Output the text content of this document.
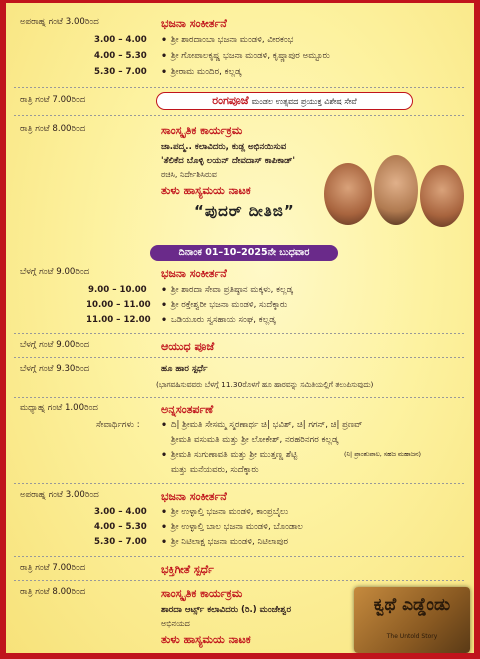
ಅಪರಾಹ್ನ ಗಂಟೆ 3.00ರಿಂದ	ಭಜನಾ ಸಂಕೀರ್ತನೆ
3.00 – 4.00 • ಶ್ರೀ ಶಾರದಾಂಬಾ ಭಜನಾ ಮಂಡಳಿ, ವೀರಕಂಭ
4.00 – 5.30 • ಶ್ರೀ ಗೋಪಾಲಕೃಷ್ಣ ಭಜನಾ ಮಂಡಳಿ, ಕೃಷ್ಣಾಪುರ ಅಮ್ಟೂರು
5.30 – 7.00 • ಶ್ರೀರಾಮ ಮಂದಿರ, ಕಲ್ಲಡ್ಕ
ರಾತ್ರಿ ಗಂಟೆ 7.00ರಿಂದ	ರಂಗಪೂಜೆ ಮಂಡಲ ಉತ್ಸವದ ಪ್ರಯುಕ್ತ ವಿಶೇಷ ಸೇವೆ
ರಾತ್ರಿ ಗಂಟೆ 8.00ರಿಂದ	ಸಾಂಸ್ಕೃತಿಕ ಕಾರ್ಯಕ್ರಮ
ಜಾ.ಪದ್ಮ.. ಕಲಾವಿದರು, ಕುಡ್ಲ ಅಭಿನಯಿಸುವ
'ತೆಲಿಕೆದ ಬೊಳ್ಳಿ ಲಯನ್ ದೇವದಾಸ್ ಕಾಪಿಕಾಡ್'
ರಚಿಸಿ, ನಿರ್ದೇಶಿಸಿರುವ
ತುಳು ಹಾಸ್ಯಮಯ ನಾಟಕ
“ಪುದರ್ ದೀತಿಜಿ”
ದಿನಾಂಕ 01–10–2025ನೇ ಬುಧವಾರ
ಬೆಳಗ್ಗೆ ಗಂಟೆ 9.00ರಿಂದ	ಭಜನಾ ಸಂಕೀರ್ತನೆ
9.00 – 10.00 • ಶ್ರೀ ಶಾರದಾ ಸೇವಾ ಪ್ರತಿಷ್ಠಾನ ಮಕ್ಕಳು, ಕಲ್ಲಡ್ಕ
10.00 – 11.00 • ಶ್ರೀ ರಕ್ತೇಶ್ವರೀ ಭಜನಾ ಮಂಡಳಿ, ಸುದೆಕ್ಕಾರು
11.00 – 12.00 • ಒಡಿಯೂರು ಸ್ವಸಹಾಯ ಸಂಘ, ಕಲ್ಲಡ್ಕ
ಬೆಳಗ್ಗೆ ಗಂಟೆ 9.00ರಿಂದ	ಆಯುಧ ಪೂಜೆ
ಬೆಳಗ್ಗೆ ಗಂಟೆ 9.30ರಿಂದ	ಹೂ ಹಾರ ಸ್ಪರ್ಧೆ
(ಭಾಗವಹಿಸುವವರು ಬೆಳಗ್ಗೆ 11.30ರೊಳಗೆ ಹೂ ಹಾರವನ್ನು ಸಮಿತಿಯಲ್ಲಿಗೆ ತಲುಪಿಸುವುದು)
ಮಧ್ಯಾಹ್ನ ಗಂಟೆ 1.00ರಿಂದ	ಅನ್ನಸಂತರ್ಪಣೆ
ಸೇವಾರ್ಥಿಗಳು : • ದಿ| ಶ್ರೀಮತಿ ಸೇಸಮ್ಮ ಸ್ಮರಣಾರ್ಥ ಚಿ| ಭವಿಶ್, ಚಿ| ಗಗನ್, ಚಿ| ಪ್ರಣವ್
ಶ್ರೀಮತಿ ವಸುಮತಿ ಮತ್ತು ಶ್ರೀ ಲೋಕೇಶ್, ನರಹರಿನಗರ ಕಲ್ಲಡ್ಕ
• ಶ್ರೀಮತಿ ಸುಗುಣಾವತಿ ಮತ್ತು ಶ್ರೀ ಮುತ್ತಣ್ಣ ಶೆಟ್ಟಿ	(ನಿ| ಪ್ರಾಂಶುಪಾಲ, ಸಹಜ ಮಹಾಜನ)
ಮತ್ತು ಮನೆಯವರು, ಸುದೆಕ್ಕಾರು
ಅಪರಾಹ್ನ ಗಂಟೆ 3.00ರಿಂದ	ಭಜನಾ ಸಂಕೀರ್ತನೆ
3.00 – 4.00 • ಶ್ರೀ ಉಳ್ಳಾಲ್ತಿ ಭಜನಾ ಮಂಡಳಿ, ಕಾಂಪ್ರಬೈಲು
4.00 – 5.30 • ಶ್ರೀ ಉಳ್ಳಾಲ್ತಿ ಬಾಲ ಭಜನಾ ಮಂಡಳಿ, ಬೊಂಡಾಲ
5.30 – 7.00 • ಶ್ರೀ ನಿಟಿಲಾಕ್ಷ ಭಜನಾ ಮಂಡಳಿ, ನಿಟಿಲಾಪುರ
ರಾತ್ರಿ ಗಂಟೆ 7.00ರಿಂದ	ಭಕ್ತಿಗೀತೆ ಸ್ಪರ್ಧೆ
ರಾತ್ರಿ ಗಂಟೆ 8.00ರಿಂದ	ಸಾಂಸ್ಕೃತಿಕ ಕಾರ್ಯಕ್ರಮ
ಶಾರದಾ ಆರ್ಟ್ಸ್ ಕಲಾವಿದರು (ರಿ.) ಮಂಜೇಶ್ವರ
ಅಭಿನಯದ
ತುಳು ಹಾಸ್ಯಮಯ ನಾಟಕ
ಕ್ವಥೆ ಎಡ್ಡೆಂಡು
The Untold Story
